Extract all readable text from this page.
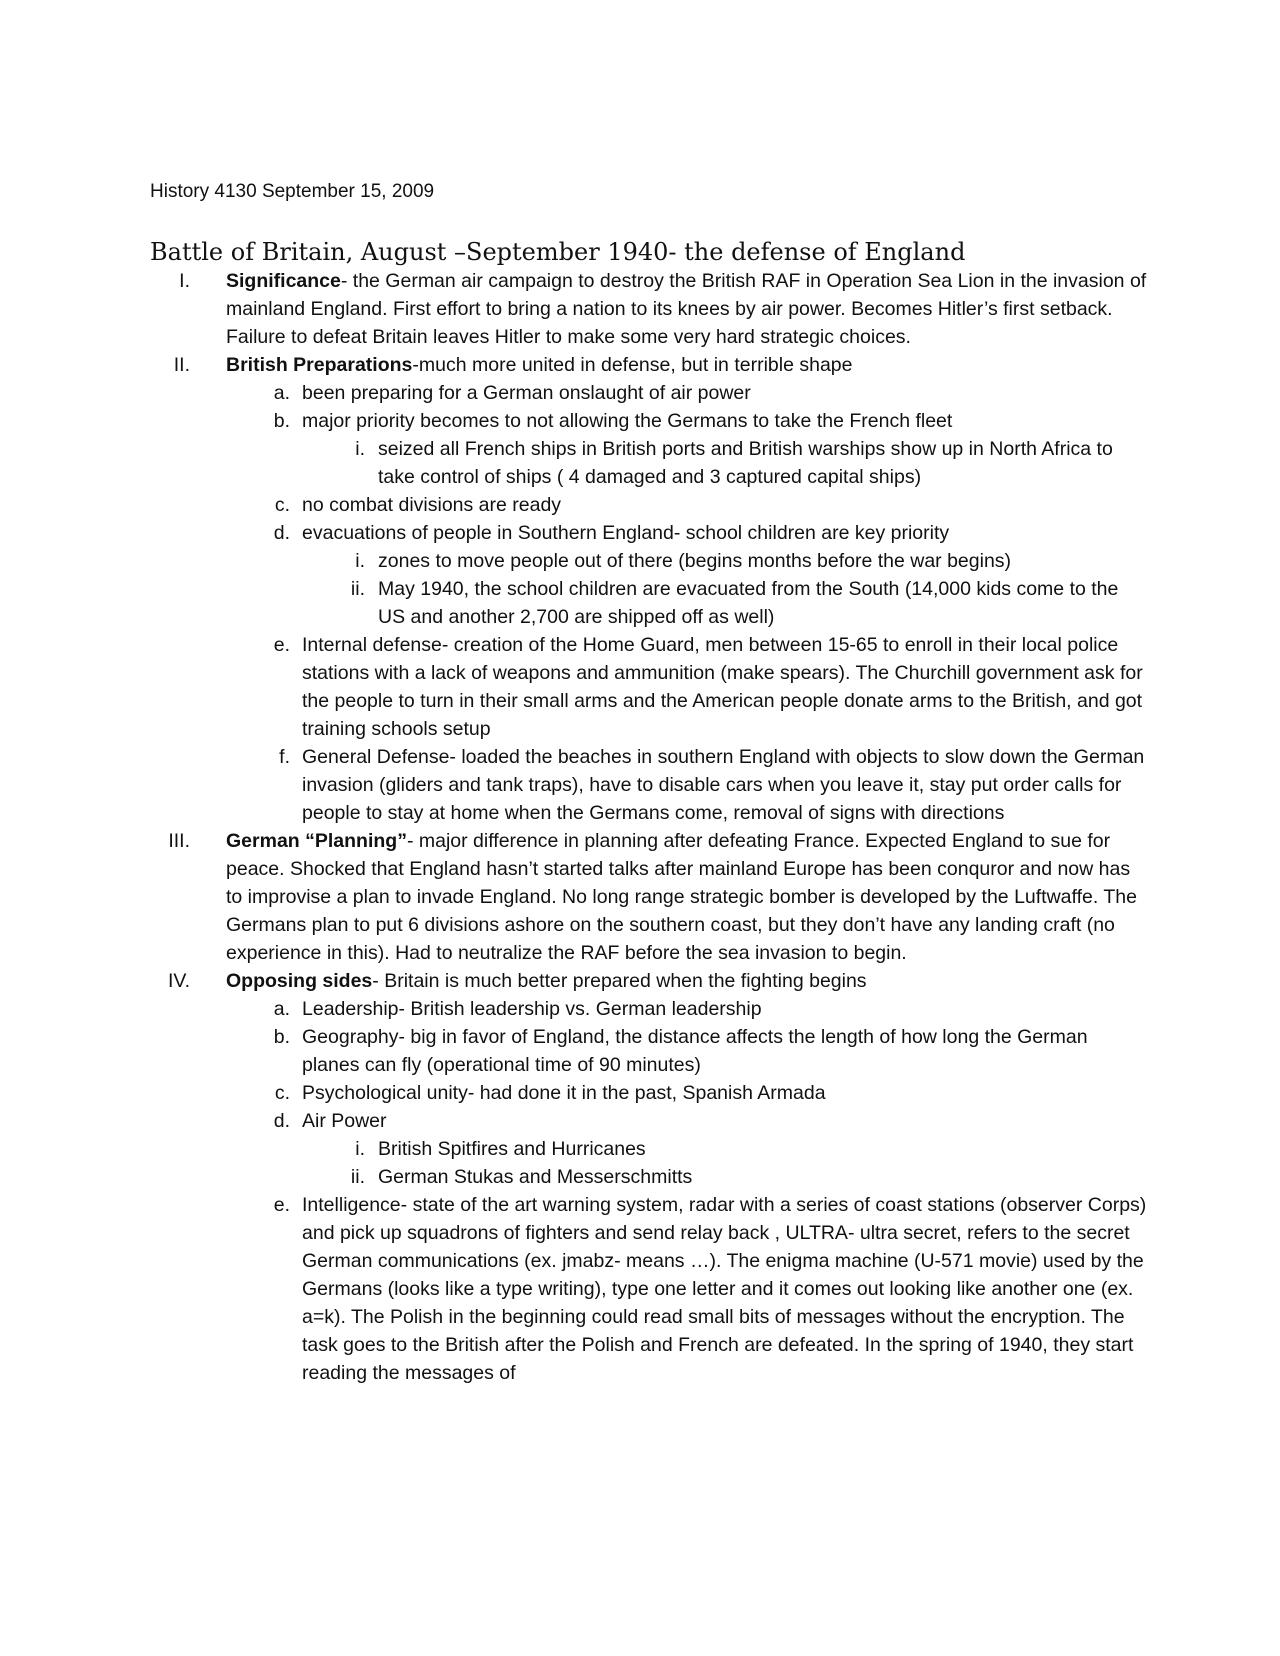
History 4130 September 15, 2009
Battle of Britain, August –September 1940- the defense of England
I. Significance- the German air campaign to destroy the British RAF in Operation Sea Lion in the invasion of mainland England. First effort to bring a nation to its knees by air power. Becomes Hitler’s first setback. Failure to defeat Britain leaves Hitler to make some very hard strategic choices.
II. British Preparations-much more united in defense, but in terrible shape
a. been preparing for a German onslaught of air power
b. major priority becomes to not allowing the Germans to take the French fleet
i. seized all French ships in British ports and British warships show up in North Africa to take control of ships ( 4 damaged and 3 captured capital ships)
c. no combat divisions are ready
d. evacuations of people in Southern England- school children are key priority
i. zones to move people out of there (begins months before the war begins)
ii. May 1940, the school children are evacuated from the South (14,000 kids come to the US and another 2,700 are shipped off as well)
e. Internal defense- creation of the Home Guard, men between 15-65 to enroll in their local police stations with a lack of weapons and ammunition (make spears). The Churchill government ask for the people to turn in their small arms and the American people donate arms to the British, and got training schools setup
f. General Defense- loaded the beaches in southern England with objects to slow down the German invasion (gliders and tank traps), have to disable cars when you leave it, stay put order calls for people to stay at home when the Germans come, removal of signs with directions
III. German “Planning”- major difference in planning after defeating France. Expected England to sue for peace. Shocked that England hasn’t started talks after mainland Europe has been conquror and now has to improvise a plan to invade England. No long range strategic bomber is developed by the Luftwaffe. The Germans plan to put 6 divisions ashore on the southern coast, but they don’t have any landing craft (no experience in this). Had to neutralize the RAF before the sea invasion to begin.
IV. Opposing sides- Britain is much better prepared when the fighting begins
a. Leadership- British leadership vs. German leadership
b. Geography- big in favor of England, the distance affects the length of how long the German planes can fly (operational time of 90 minutes)
c. Psychological unity- had done it in the past, Spanish Armada
d. Air Power
i. British Spitfires and Hurricanes
ii. German Stukas and Messerschmitts
e. Intelligence- state of the art warning system, radar with a series of coast stations (observer Corps) and pick up squadrons of fighters and send relay back , ULTRA- ultra secret, refers to the secret German communications (ex. jmabz- means …). The enigma machine (U-571 movie) used by the Germans (looks like a type writing), type one letter and it comes out looking like another one (ex. a=k). The Polish in the beginning could read small bits of messages without the encryption. The task goes to the British after the Polish and French are defeated. In the spring of 1940, they start reading the messages of
